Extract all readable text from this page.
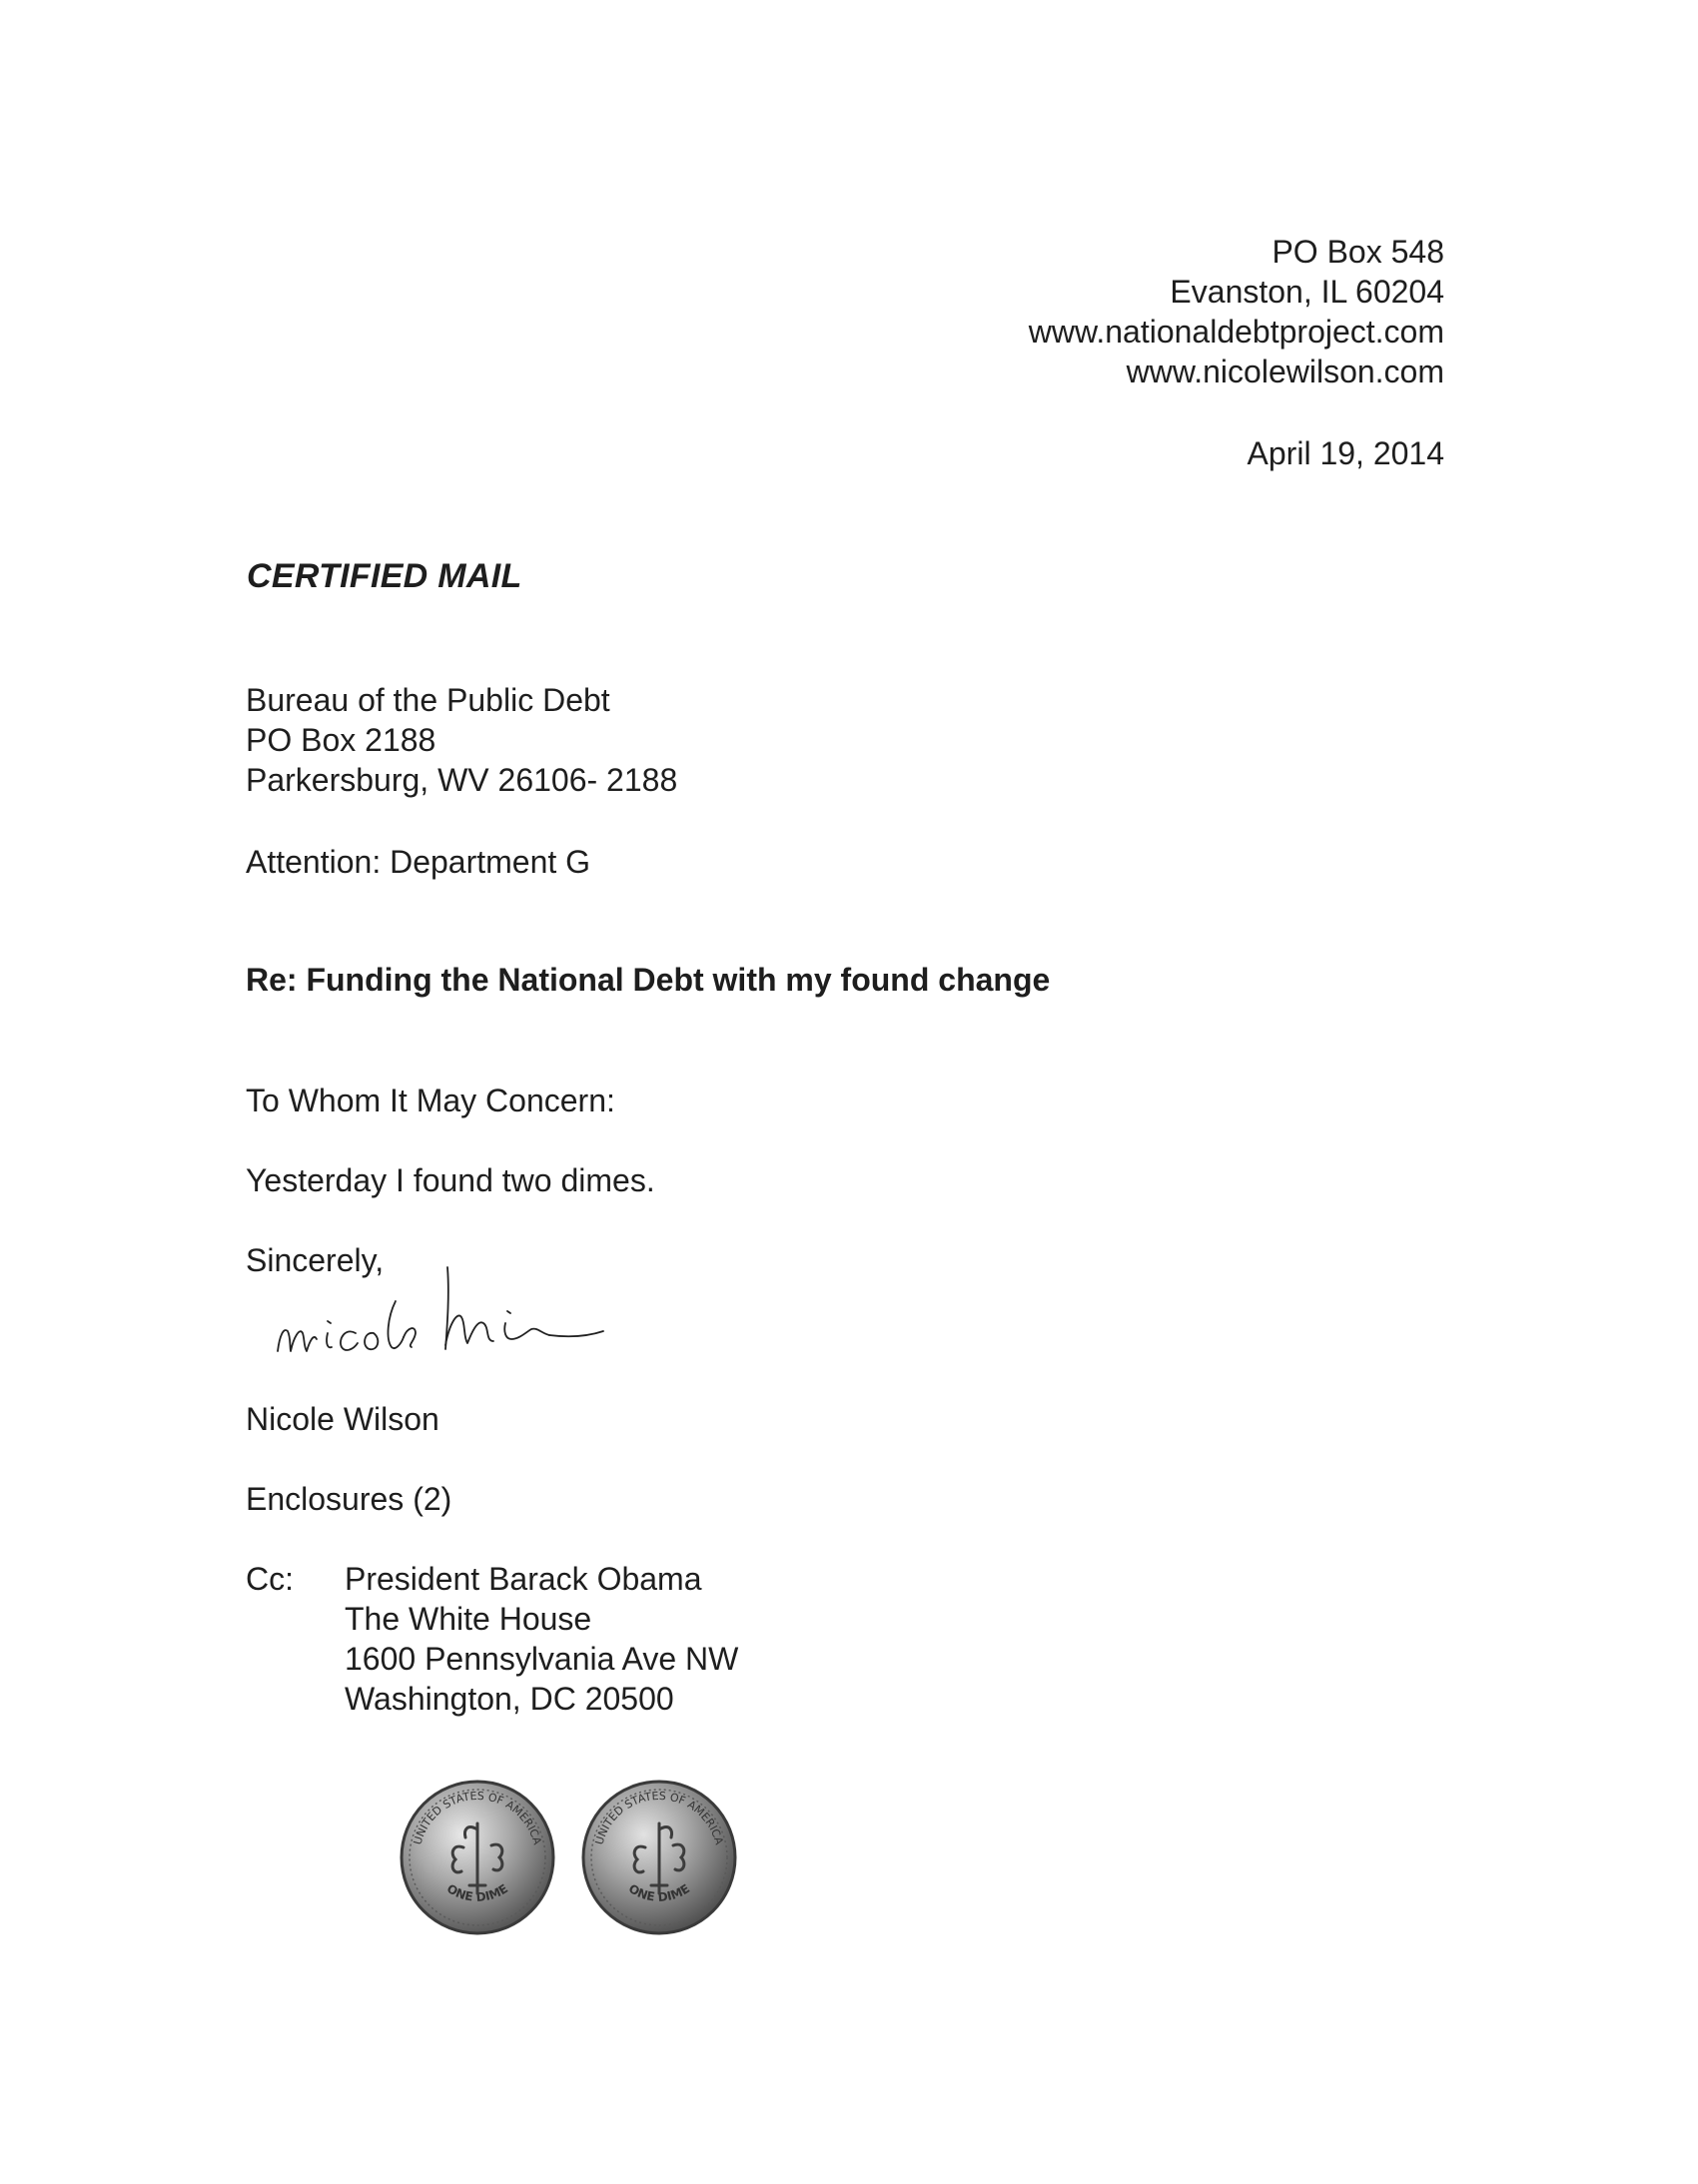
PO Box 548
Evanston, IL 60204
www.nationaldebtproject.com
www.nicolewilson.com
April 19, 2014
CERTIFIED MAIL
Bureau of the Public Debt
PO Box 2188
Parkersburg, WV 26106- 2188
Attention: Department G
Re: Funding the National Debt with my found change
To Whom It May Concern:
Yesterday I found two dimes.
Sincerely,
Nicole Wilson
Enclosures (2)
Cc: President Barack Obama
The White House
1600 Pennsylvania Ave NW
Washington, DC 20500
UNITED STATES OF AMERICA
ONE DIME
UNITED STATES OF AMERICA
ONE DIME
